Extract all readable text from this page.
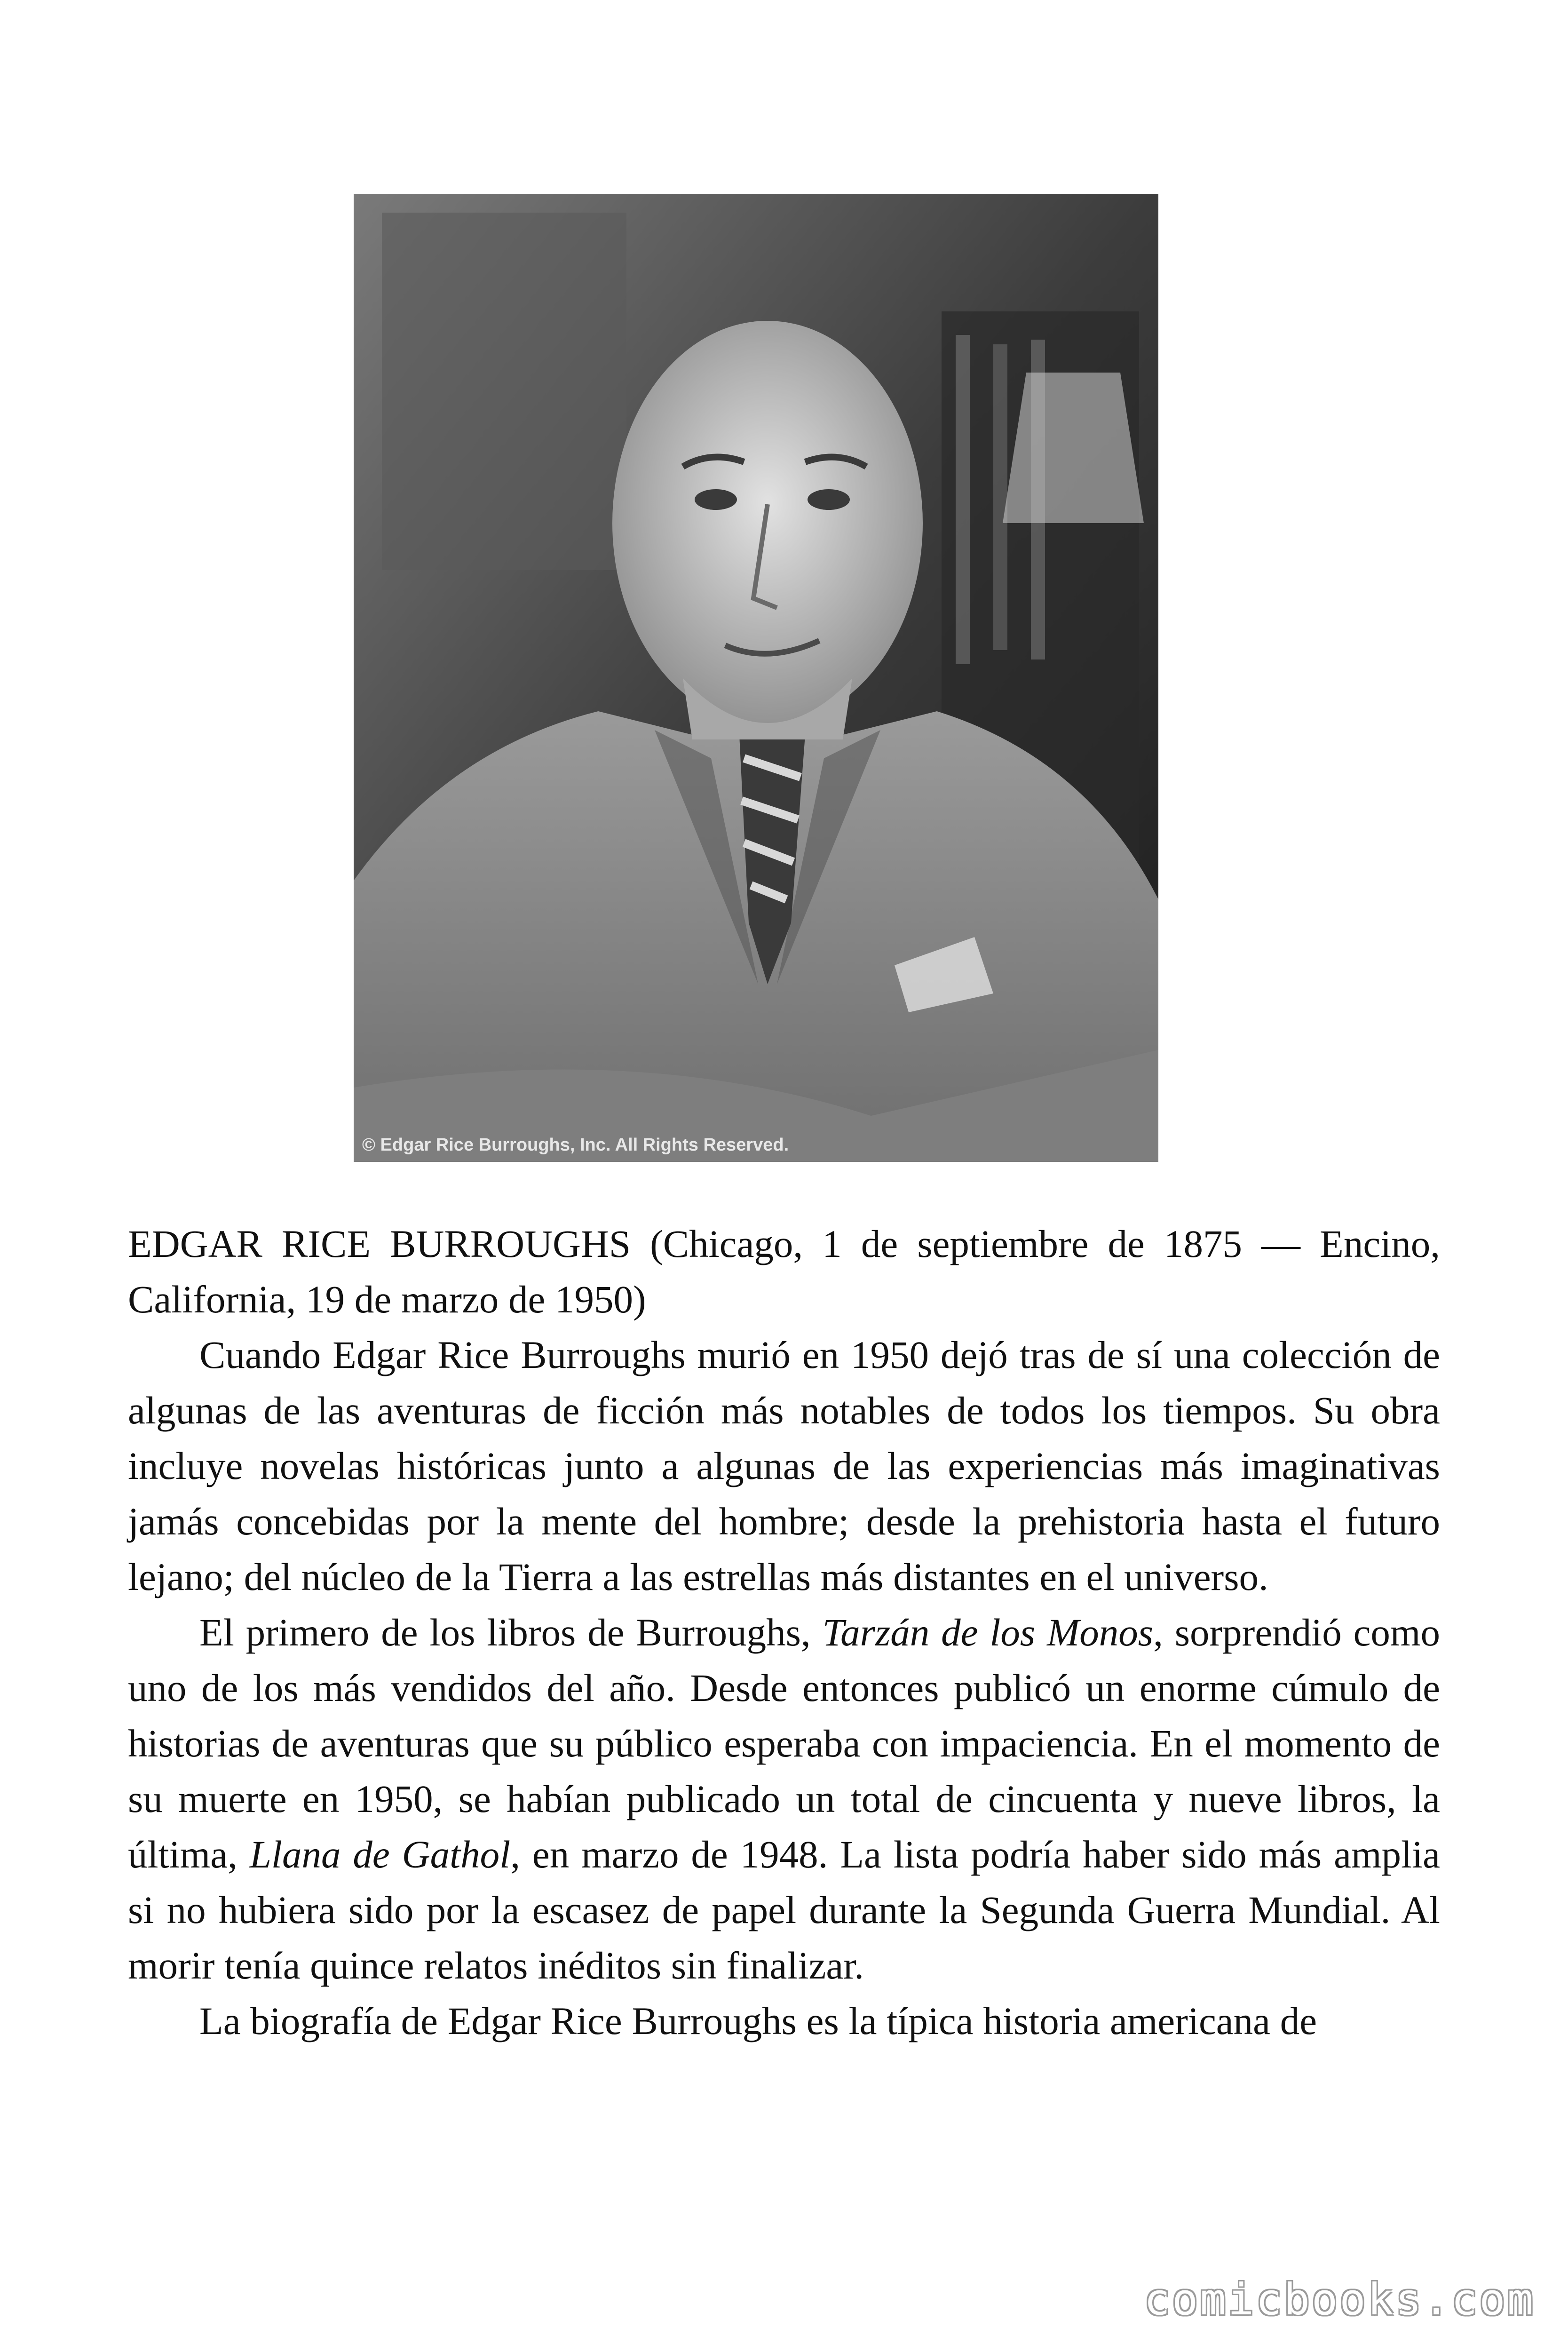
© Edgar Rice Burroughs, Inc. All Rights Reserved.

EDGAR RICE BURROUGHS (Chicago, 1 de septiembre de 1875 — Encino, California, 19 de marzo de 1950)

Cuando Edgar Rice Burroughs murió en 1950 dejó tras de sí una colección de algunas de las aventuras de ficción más notables de todos los tiempos. Su obra incluye novelas históricas junto a algunas de las experiencias más imaginativas jamás concebidas por la mente del hombre; desde la prehistoria hasta el futuro lejano; del núcleo de la Tierra a las estrellas más distantes en el universo.

El primero de los libros de Burroughs, Tarzán de los Monos, sorprendió como uno de los más vendidos del año. Desde entonces publicó un enorme cúmulo de historias de aventuras que su público esperaba con impaciencia. En el momento de su muerte en 1950, se habían publicado un total de cincuenta y nueve libros, la última, Llana de Gathol, en marzo de 1948. La lista podría haber sido más amplia si no hubiera sido por la escasez de papel durante la Segunda Guerra Mundial. Al morir tenía quince relatos inéditos sin finalizar.

La biografía de Edgar Rice Burroughs es la típica historia americana de

comicbooks.com
